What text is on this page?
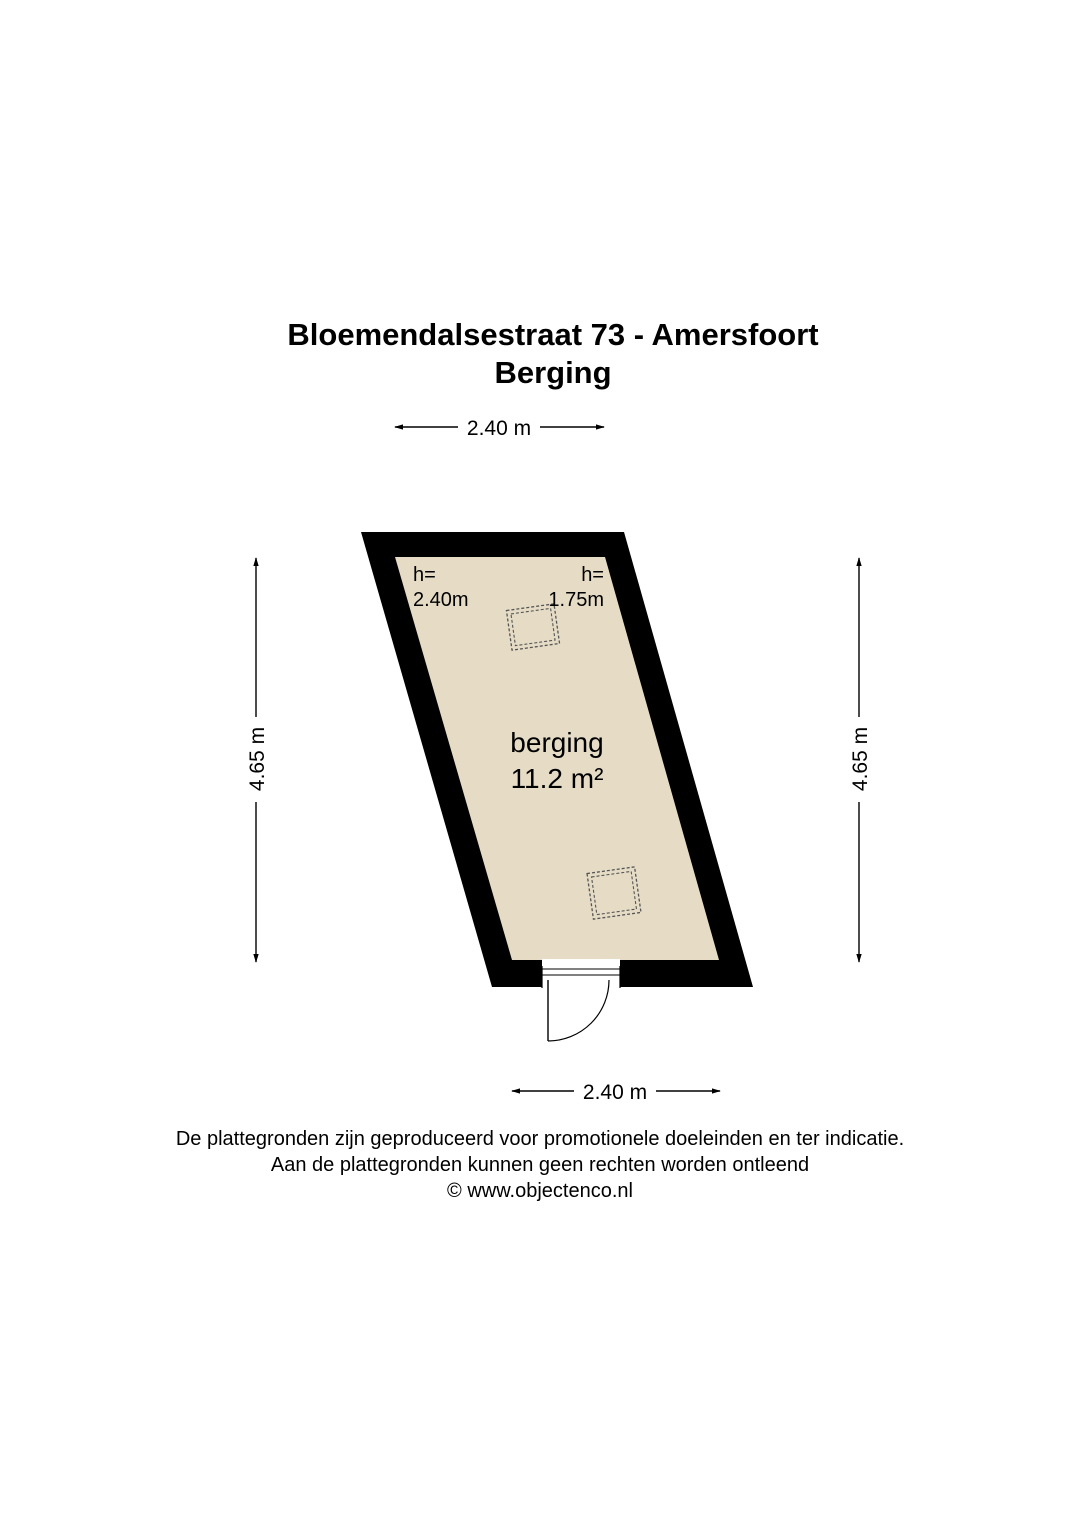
Bloemendalsestraat 73 - Amersfoort
Berging
2.40 m
4.65 m	4.65 m
2.40 m
h=
2.40m
h=
1.75m
berging
11.2 m²
De plattegronden zijn geproduceerd voor promotionele doeleinden en ter indicatie.
Aan de plattegronden kunnen geen rechten worden ontleend
© www.objectenco.nl
